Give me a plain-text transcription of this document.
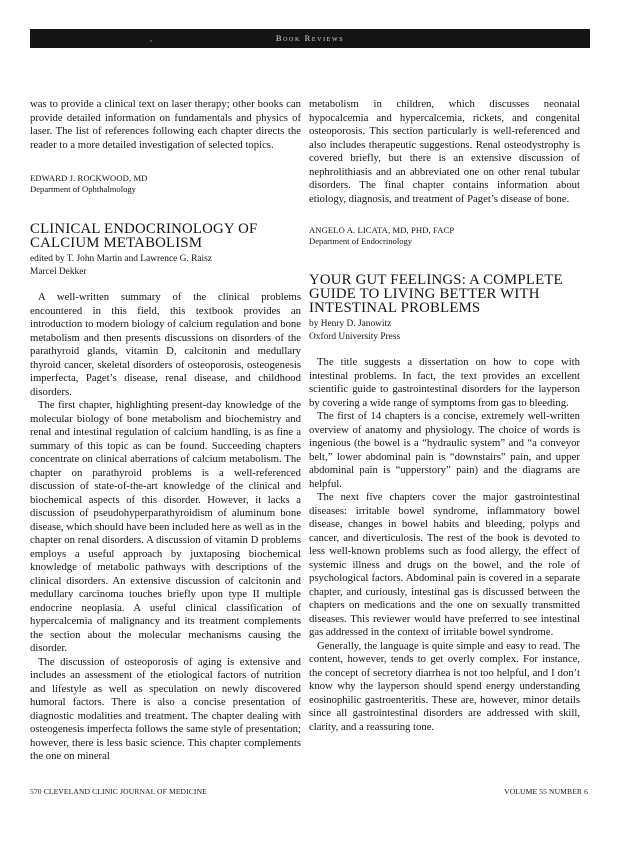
,	Book Reviews

was to provide a clinical text on laser therapy; other books can provide detailed information on fundamentals and physics of laser. The list of references following each chapter directs the reader to a more detailed investigation of selected topics.

EDWARD J. ROCKWOOD, MD
Department of Ophthalmology
CLINICAL ENDOCRINOLOGY OF CALCIUM METABOLISM
edited by T. John Martin and Lawrence G. Raisz
Marcel Dekker

A well-written summary of the clinical problems encountered in this field, this textbook provides an introduction to modern biology of calcium regulation and bone metabolism and then presents discussions on disorders of the parathyroid glands, vitamin D, calcitonin and medullary thyroid cancer, skeletal disorders of osteoporosis, osteogenesis imperfecta, Paget’s disease, renal disease, and childhood disorders.

The first chapter, highlighting present-day knowledge of the molecular biology of bone metabolism and biochemistry and renal and intestinal regulation of calcium handling, is as fine a summary of this topic as can be found. Succeeding chapters concentrate on clinical aberrations of calcium metabolism. The chapter on parathyroid problems is a well-referenced discussion of state-of-the-art knowledge of the clinical and biochemical aspects of this disorder. However, it lacks a discussion of pseudohyperparathyroidism of aluminum bone disease, which should have been included here as well as in the chapter on renal disorders. A discussion of vitamin D problems employs a useful approach by juxtaposing biochemical knowledge of metabolic pathways with descriptions of the clinical disorders. An extensive discussion of calcitonin and medullary carcinoma touches briefly upon type II multiple endocrine neoplasia. A useful clinical classification of hypercalcemia of malignancy and its treatment complements the section about the molecular mechanisms causing the disorder.

The discussion of osteoporosis of aging is extensive and includes an assessment of the etiological factors of nutrition and lifestyle as well as speculation on newly discovered humoral factors. There is also a concise presentation of diagnostic modalities and treatment. The chapter dealing with osteogenesis imperfecta follows the same style of presentation; however, there is less basic science. This chapter complements the one on mineral

metabolism in children, which discusses neonatal hypocalcemia and hypercalcemia, rickets, and congenital osteoporosis. This section particularly is well-referenced and also includes therapeutic suggestions. Renal osteodystrophy is covered briefly, but there is an extensive discussion of nephrolithiasis and an abbreviated one on other renal tubular disorders. The final chapter contains information about etiology, diagnosis, and treatment of Paget’s disease of bone.

ANGELO A. LICATA, MD, PHD, FACP
Department of Endocrinology
YOUR GUT FEELINGS: A COMPLETE GUIDE TO LIVING BETTER WITH INTESTINAL PROBLEMS
by Henry D. Janowitz
Oxford University Press

The title suggests a dissertation on how to cope with intestinal problems. In fact, the text provides an excellent scientific guide to gastrointestinal disorders for the layperson by covering a wide range of symptoms from gas to bleeding.

The first of 14 chapters is a concise, extremely well-written overview of anatomy and physiology. The choice of words is ingenious (the bowel is a “hydraulic system” and “a conveyor belt,” lower abdominal pain is “downstairs” pain, and upper abdominal pain is “upperstory” pain) and the diagrams are helpful.

The next five chapters cover the major gastrointestinal diseases: irritable bowel syndrome, inflammatory bowel disease, changes in bowel habits and bleeding, polyps and cancer, and diverticulosis. The rest of the book is devoted to less well-known problems such as food allergy, the effect of systemic illness and drugs on the bowel, and the role of psychological factors. Abdominal pain is covered in a separate chapter, and curiously, intestinal gas is discussed between the chapters on medications and the one on sexually transmitted diseases. This reviewer would have preferred to see intestinal gas addressed in the context of irritable bowel syndrome.

Generally, the language is quite simple and easy to read. The content, however, tends to get overly complex. For instance, the concept of secretory diarrhea is not too helpful, and I don’t know why the layperson should spend energy understanding eosinophilic gastroenteritis. These are, however, minor details since all gastrointestinal disorders are addressed with skill, clarity, and a reassuring tone.

570 CLEVELAND CLINIC JOURNAL OF MEDICINE	VOLUME 55 NUMBER 6
